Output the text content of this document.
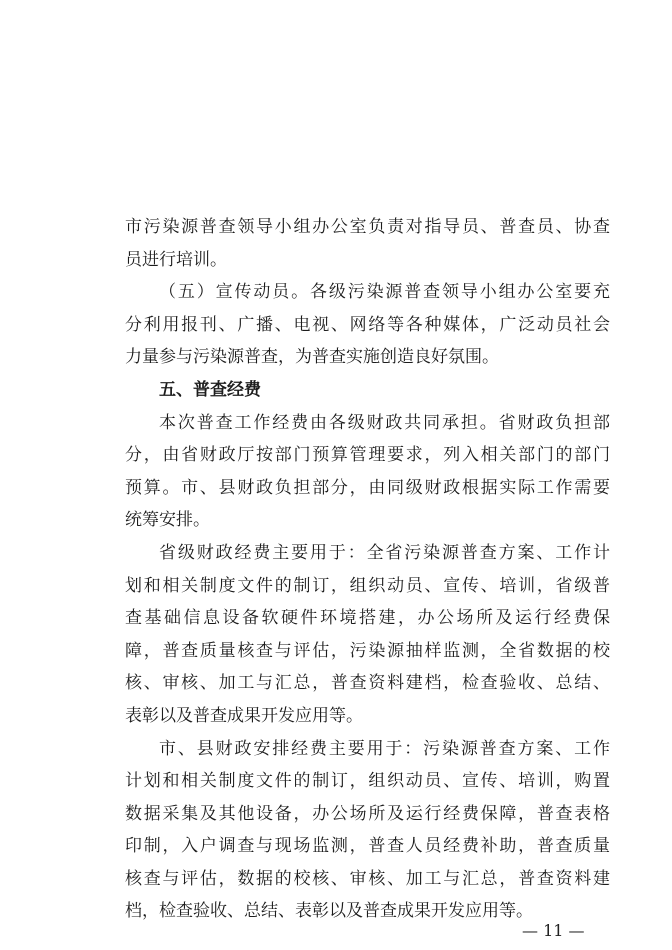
市污染源普查领导小组办公室负责对指导员、普查员、协查
员进行培训。
（五）宣传动员。各级污染源普查领导小组办公室要充
分利用报刊、广播、电视、网络等各种媒体，广泛动员社会
力量参与污染源普查，为普查实施创造良好氛围。
五、普查经费
本次普查工作经费由各级财政共同承担。省财政负担部
分，由省财政厅按部门预算管理要求，列入相关部门的部门
预算。市、县财政负担部分，由同级财政根据实际工作需要
统筹安排。
省级财政经费主要用于：全省污染源普查方案、工作计
划和相关制度文件的制订，组织动员、宣传、培训，省级普
查基础信息设备软硬件环境搭建，办公场所及运行经费保
障，普查质量核查与评估，污染源抽样监测，全省数据的校
核、审核、加工与汇总，普查资料建档，检查验收、总结、
表彰以及普查成果开发应用等。
市、县财政安排经费主要用于：污染源普查方案、工作
计划和相关制度文件的制订，组织动员、宣传、培训，购置
数据采集及其他设备，办公场所及运行经费保障，普查表格
印制，入户调查与现场监测，普查人员经费补助，普查质量
核查与评估，数据的校核、审核、加工与汇总，普查资料建
档，检查验收、总结、表彰以及普查成果开发应用等。
— 11 —
